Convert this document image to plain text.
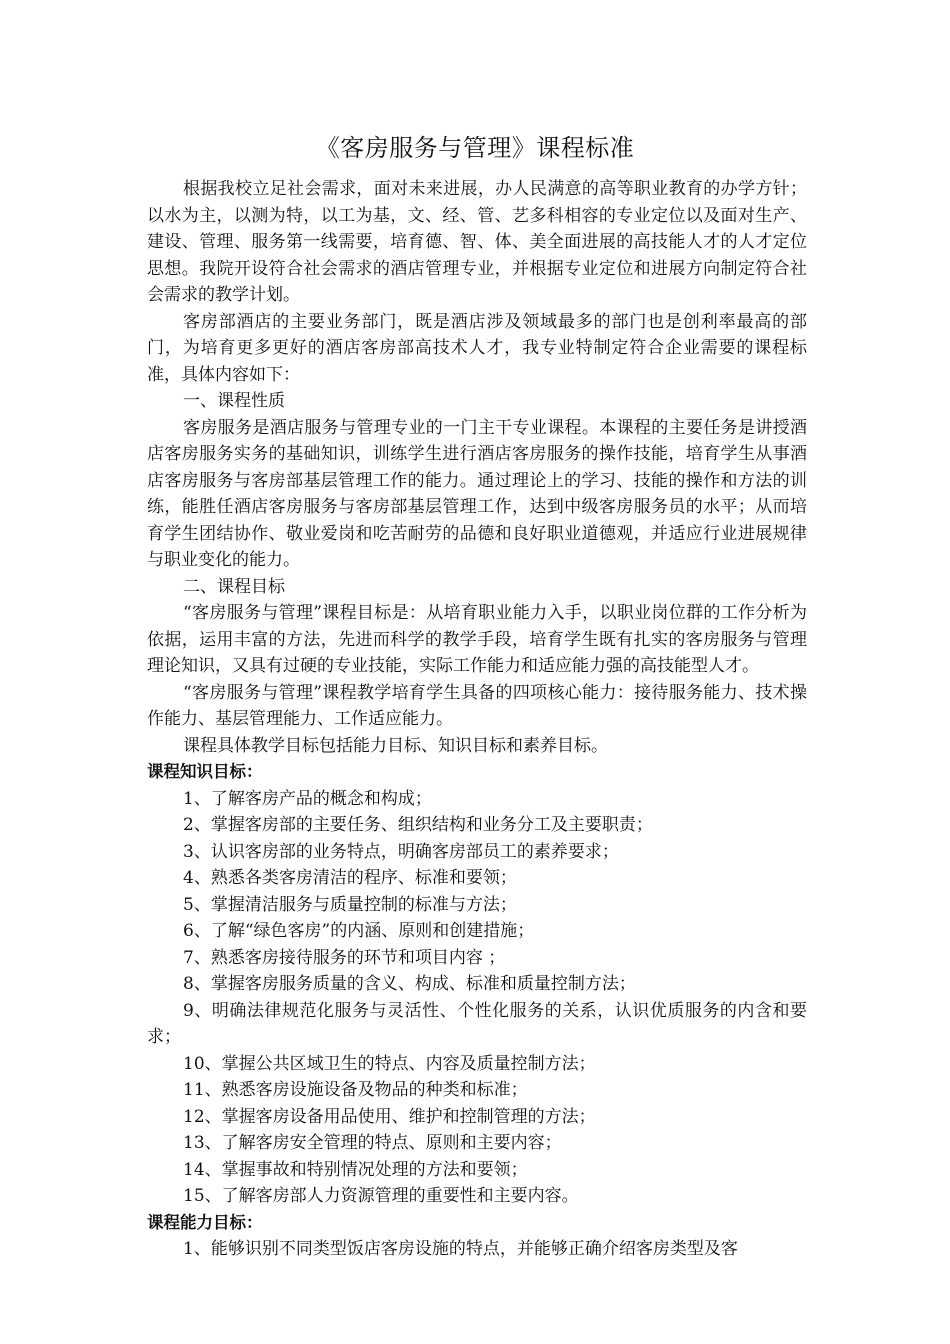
《客房服务与管理》课程标准

根据我校立足社会需求，面对未来进展，办人民满意的高等职业教育的办学方针；以水为主，以测为特，以工为基，文、经、管、艺多科相容的专业定位以及面对生产、建设、管理、服务第一线需要，培育德、智、体、美全面进展的高技能人才的人才定位思想。我院开设符合社会需求的酒店管理专业，并根据专业定位和进展方向制定符合社会需求的教学计划。

客房部酒店的主要业务部门，既是酒店涉及领域最多的部门也是创利率最高的部门，为培育更多更好的酒店客房部高技术人才，我专业特制定符合企业需要的课程标准，具体内容如下：

一、课程性质

客房服务是酒店服务与管理专业的一门主干专业课程。本课程的主要任务是讲授酒店客房服务实务的基础知识，训练学生进行酒店客房服务的操作技能，培育学生从事酒店客房服务与客房部基层管理工作的能力。通过理论上的学习、技能的操作和方法的训练，能胜任酒店客房服务与客房部基层管理工作，达到中级客房服务员的水平；从而培育学生团结协作、敬业爱岗和吃苦耐劳的品德和良好职业道德观，并适应行业进展规律与职业变化的能力。

二、课程目标

“客房服务与管理”课程目标是：从培育职业能力入手，以职业岗位群的工作分析为依据，运用丰富的方法，先进而科学的教学手段，培育学生既有扎实的客房服务与管理理论知识，又具有过硬的专业技能，实际工作能力和适应能力强的高技能型人才。

“客房服务与管理”课程教学培育学生具备的四项核心能力：接待服务能力、技术操作能力、基层管理能力、工作适应能力。

课程具体教学目标包括能力目标、知识目标和素养目标。

课程知识目标：

1、了解客房产品的概念和构成；

2、掌握客房部的主要任务、组织结构和业务分工及主要职责；

3、认识客房部的业务特点，明确客房部员工的素养要求；

4、熟悉各类客房清洁的程序、标准和要领；

5、掌握清洁服务与质量控制的标准与方法；

6、了解“绿色客房”的内涵、原则和创建措施；

7、熟悉客房接待服务的环节和项目内容 ；

8、掌握客房服务质量的含义、构成、标准和质量控制方法；

9、明确法律规范化服务与灵活性、个性化服务的关系，认识优质服务的内含和要求；

10、掌握公共区域卫生的特点、内容及质量控制方法；

11、熟悉客房设施设备及物品的种类和标准；

12、掌握客房设备用品使用、维护和控制管理的方法；

13、了解客房安全管理的特点、原则和主要内容；

14、掌握事故和特别情况处理的方法和要领；

15、了解客房部人力资源管理的重要性和主要内容。

课程能力目标：

1、能够识别不同类型饭店客房设施的特点，并能够正确介绍客房类型及客
